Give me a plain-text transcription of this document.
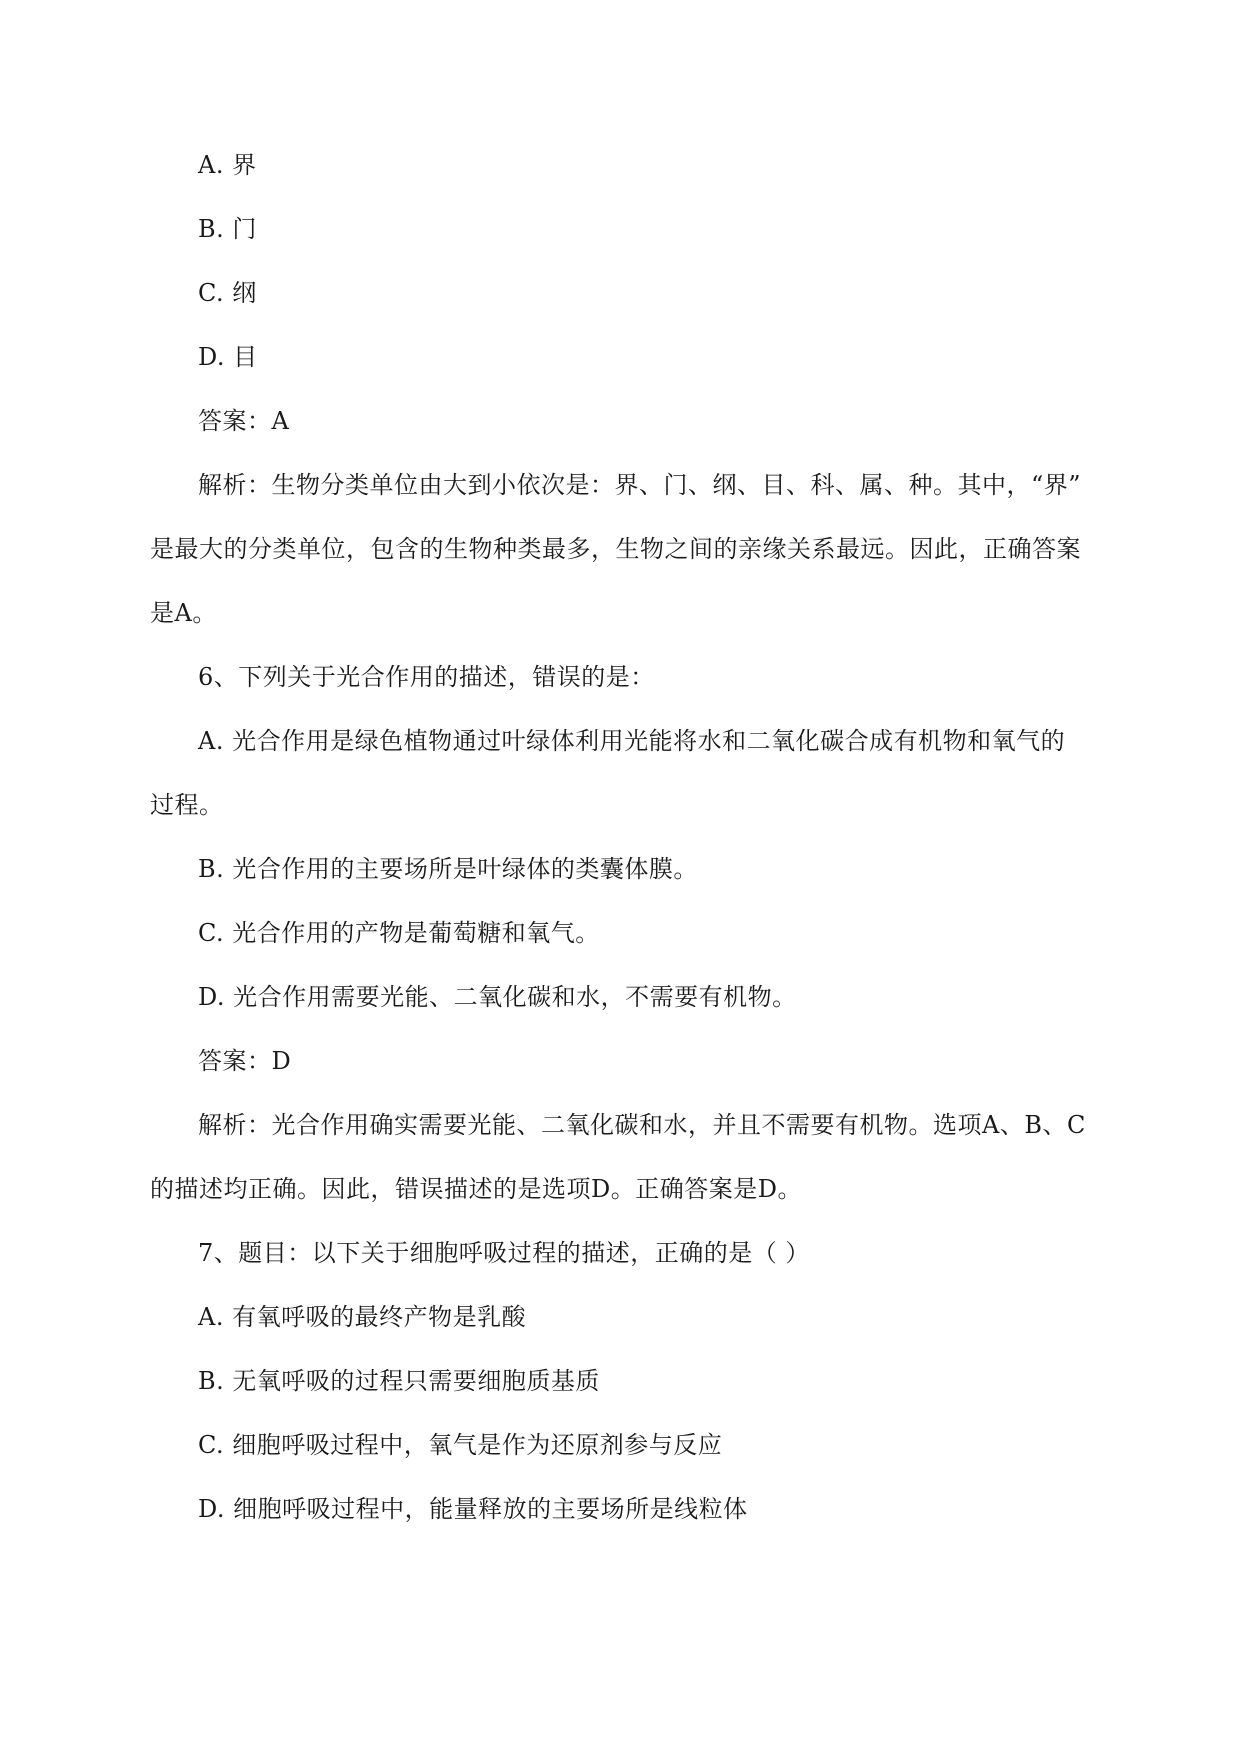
A. 界
B. 门
C. 纲
D. 目
答案：A
解析：生物分类单位由大到小依次是：界、门、纲、目、科、属、种。其中，“界”
是最大的分类单位，包含的生物种类最多，生物之间的亲缘关系最远。因此，正确答案
是A。
6、下列关于光合作用的描述，错误的是：
A. 光合作用是绿色植物通过叶绿体利用光能将水和二氧化碳合成有机物和氧气的
过程。
B. 光合作用的主要场所是叶绿体的类囊体膜。
C. 光合作用的产物是葡萄糖和氧气。
D. 光合作用需要光能、二氧化碳和水，不需要有机物。
答案：D
解析：光合作用确实需要光能、二氧化碳和水，并且不需要有机物。选项A、B、C
的描述均正确。因此，错误描述的是选项D。正确答案是D。
7、题目：以下关于细胞呼吸过程的描述，正确的是（ ）
A. 有氧呼吸的最终产物是乳酸
B. 无氧呼吸的过程只需要细胞质基质
C. 细胞呼吸过程中，氧气是作为还原剂参与反应
D. 细胞呼吸过程中，能量释放的主要场所是线粒体
